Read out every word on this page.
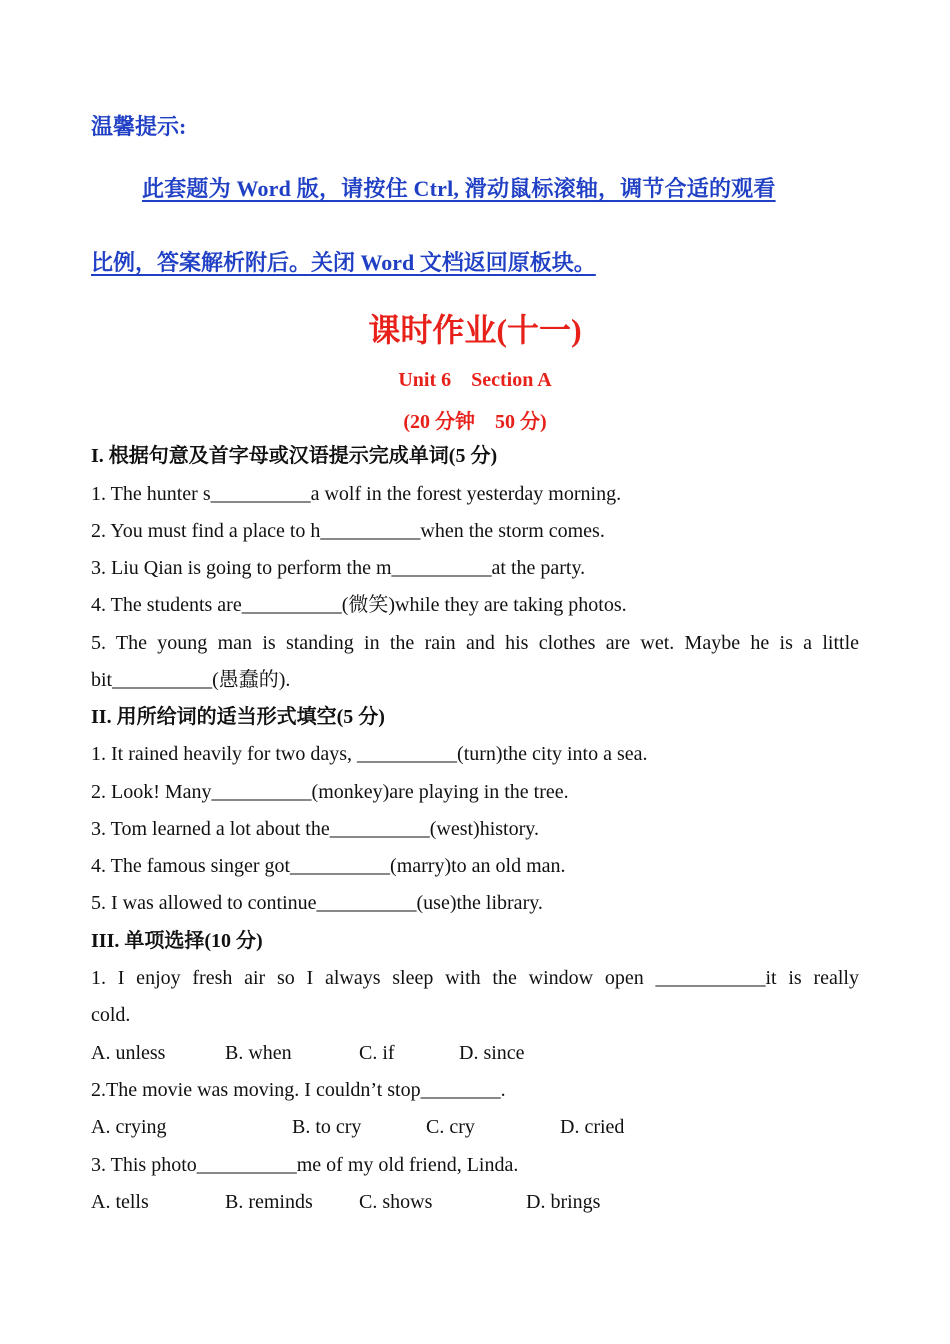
温馨提示:
此套题为 Word 版，请按住 Ctrl, 滑动鼠标滚轴，调节合适的观看
比例，答案解析附后。关闭 Word 文档返回原板块。
课时作业(十一)
Unit 6    Section A
(20 分钟    50 分)
I. 根据句意及首字母或汉语提示完成单词(5 分)
1. The hunter s__________a wolf in the forest yesterday morning.
2. You must find a place to h__________when the storm comes.
3. Liu Qian is going to perform the m__________at the party.
4. The students are__________(微笑)while they are taking photos.
5. The young man is standing in the rain and his clothes are wet. Maybe he is a little
bit__________(愚蠢的).
II. 用所给词的适当形式填空(5 分)
1. It rained heavily for two days, __________(turn)the city into a sea.
2. Look! Many__________(monkey)are playing in the tree.
3. Tom learned a lot about the__________(west)history.
4. The famous singer got__________(marry)to an old man.
5. I was allowed to continue__________(use)the library.
III. 单项选择(10 分)
1. I enjoy fresh air so I always sleep with the window open ___________it is really
cold.
A. unless	B. when	C. if	D. since
2.The movie was moving. I couldn’t stop________.
A. crying	B. to cry	C. cry	D. cried
3. This photo__________me of my old friend, Linda.
A. tells	B. reminds C. shows	D. brings
